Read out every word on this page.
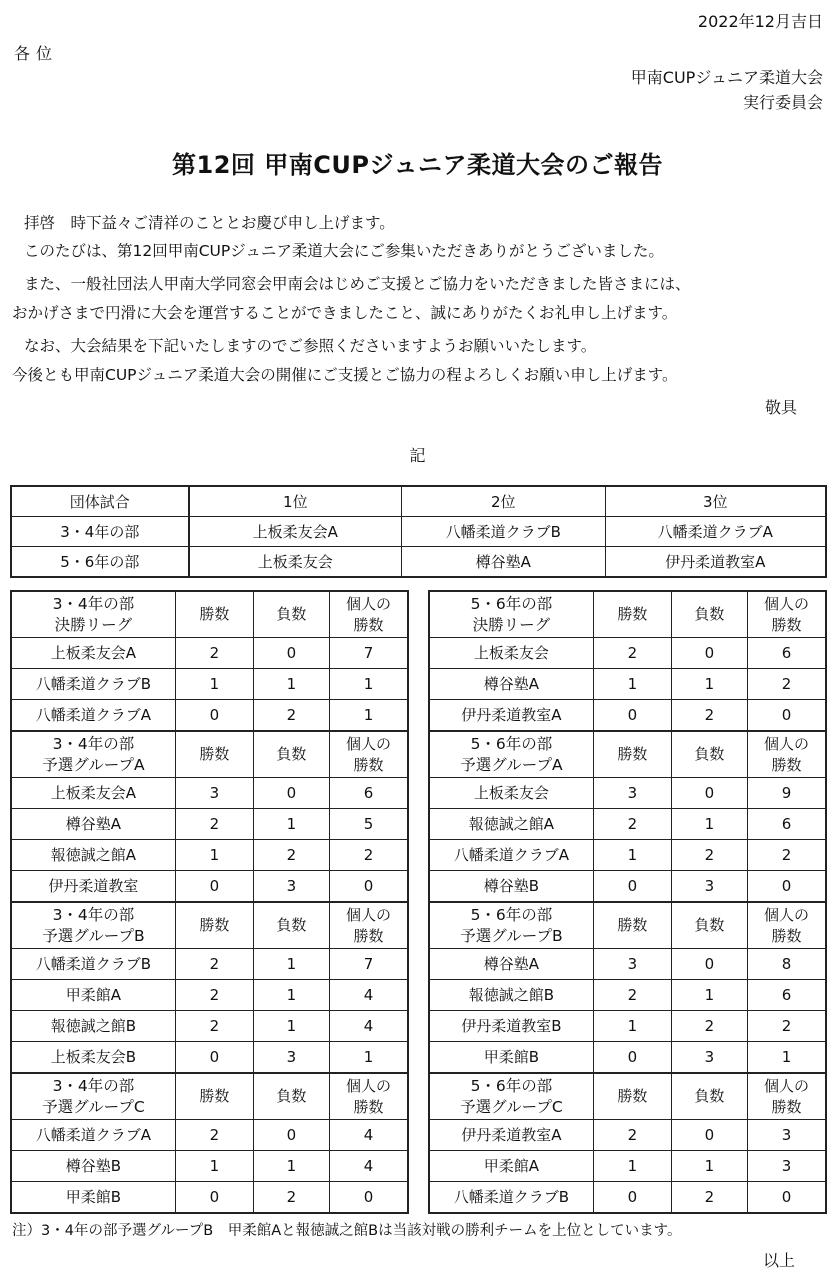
2022年12月吉日
各位
甲南CUPジュニア柔道大会
実行委員会
第12回 甲南CUPジュニア柔道大会のご報告
拝啓　時下益々ご清祥のこととお慶び申し上げます。
このたびは、第12回甲南CUPジュニア柔道大会にご参集いただきありがとうございました。
また、一般社団法人甲南大学同窓会甲南会はじめご支援とご協力をいただきました皆さまには、
おかげさまで円滑に大会を運営することができましたこと、誠にありがたくお礼申し上げます。
なお、大会結果を下記いたしますのでご参照くださいますようお願いいたします。
今後とも甲南CUPジュニア柔道大会の開催にご支援とご協力の程よろしくお願い申し上げます。
敬具
記
団体試合	1位	2位	3位
3・4年の部	上板柔友会A	八幡柔道クラブB	八幡柔道クラブA
5・6年の部	上板柔友会	樽谷塾A	伊丹柔道教室A
3・4年の部
決勝リーグ	勝数	負数	個人の
勝数
上板柔友会A	2	0	7
八幡柔道クラブB	1	1	1
八幡柔道クラブA	0	2	1
3・4年の部
予選グループA	勝数	負数	個人の
勝数
上板柔友会A	3	0	6
樽谷塾A	2	1	5
報徳誠之館A	1	2	2
伊丹柔道教室	0	3	0
3・4年の部
予選グループB	勝数	負数	個人の
勝数
八幡柔道クラブB	2	1	7
甲柔館A	2	1	4
報徳誠之館B	2	1	4
上板柔友会B	0	3	1
3・4年の部
予選グループC	勝数	負数	個人の
勝数
八幡柔道クラブA	2	0	4
樽谷塾B	1	1	4
甲柔館B	0	2	0
5・6年の部
決勝リーグ	勝数	負数	個人の
勝数
上板柔友会	2	0	6
樽谷塾A	1	1	2
伊丹柔道教室A	0	2	0
5・6年の部
予選グループA	勝数	負数	個人の
勝数
上板柔友会	3	0	9
報徳誠之館A	2	1	6
八幡柔道クラブA	1	2	2
樽谷塾B	0	3	0
5・6年の部
予選グループB	勝数	負数	個人の
勝数
樽谷塾A	3	0	8
報徳誠之館B	2	1	6
伊丹柔道教室B	1	2	2
甲柔館B	0	3	1
5・6年の部
予選グループC	勝数	負数	個人の
勝数
伊丹柔道教室A	2	0	3
甲柔館A	1	1	3
八幡柔道クラブB	0	2	0
注）3・4年の部予選グループB　甲柔館Aと報徳誠之館Bは当該対戦の勝利チームを上位としています。
以上
